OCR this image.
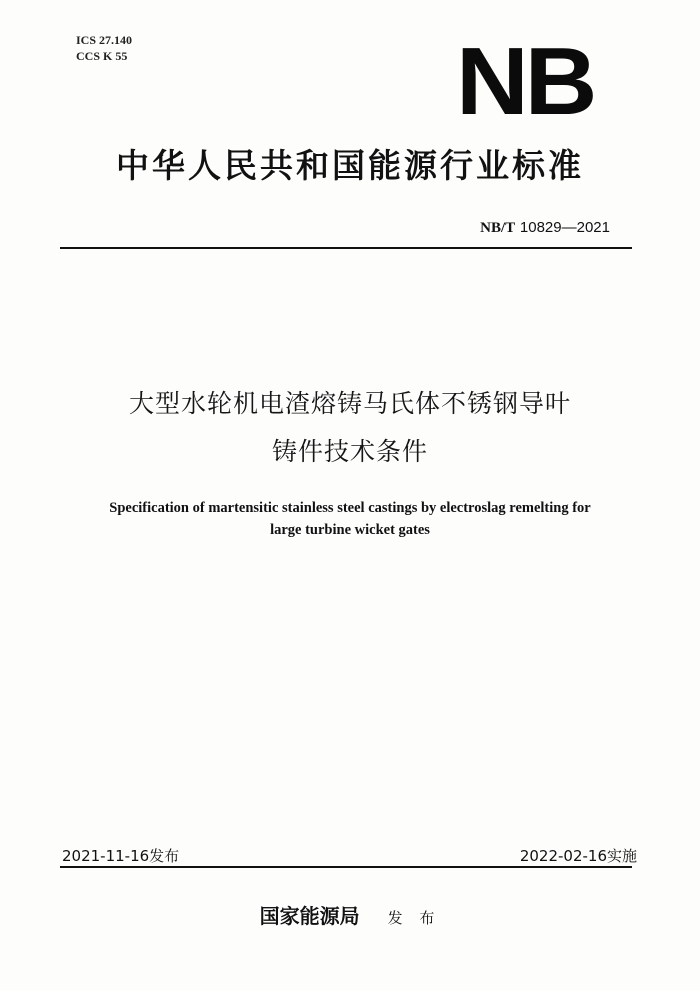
ICS 27.140
CCS K 55	NB
中华人民共和国能源行业标准
NB/T 10829—2021
大型水轮机电渣熔铸马氏体不锈钢导叶
铸件技术条件
Specification of martensitic stainless steel castings by electroslag remelting for
large turbine wicket gates
2021-11-16发布	2022-02-16实施
国家能源局 发 布
